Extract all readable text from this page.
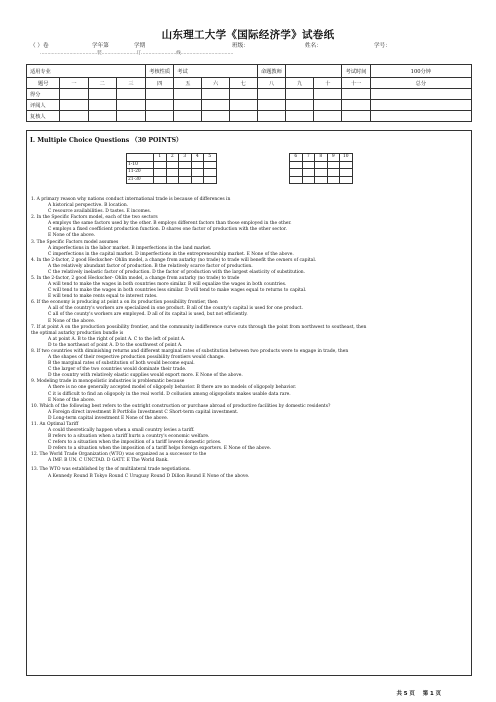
山东理工大学《国际经济学》试卷纸
（ ）卷	学年第	学期	班级：	姓名：	学号：
…………………………………装……………………订……………………线………………………………
适用专业				考核性质	考试			命题教师			考试时间	100分钟
题号	一	二	三	四	五	六	七	八	九	十	十一	总分
得分												
评阅人												
复核人												
I. Multiple Choice Questions （30 POINTS）
	1	2	3	4	5
1-10					
11-20					
21-30					
6	7	8	9	10

1. A primary reason why nations conduct international trade is because of differences in
A historical perspective. B location.
C resource availabilities. D tastes. E incomes.
2. In the Specific Factors model, each of the two sectors
A employs the same factors used by the other. B employs different factors than those employed in the other.
C employs a fixed coefficient production function. D shares one factor of production with the other sector.
E None of the above.
3. The Specific Factors model assumes
A imperfections in the labor market. B imperfections in the land market.
C imperfections in the capital market. D imperfections in the entrepreneurship market. E None of the above.
4. In the 2-factor, 2 good Heckscher- Ohlin model, a change from autarky (no trade) to trade will benefit the owners of capital.
A the relatively abundant factor of production. B the relatively scarce factor of production.
C the relatively inelastic factor of production. D the factor of production with the largest elasticity of substitution.
5. In the 2-factor, 2 good Heckscher- Ohlin model, a change from autarky (no trade) to trade
A will tend to make the wages in both countries more similar. B will equalize the wages in both countries.
C will tend to make the wages in both countries less similar. D will tend to make wages equal to returns to capital.
E will tend to make rents equal to interest rates.
6. If the economy is producing at point a on its production possibility frontier, then
A all of the country's workers are specialized in one product. B all of the county's capital is used for one product.
C all of the county's workers are employed. D all of its capital is used, but not efficiently.
E None of the above.
7. If at point A on the production possibility frontier, and the community indifference curve cuts through the point from northwest to southeast, then
the optimal autarky production bundle is
A at point A. B to the right of point A. C to the left of point A.
D to the northeast of point A. D to the southwest of point A.
8. If two countries with diminishing returns and different marginal rates of substitution between two products were to engage in trade, then
A the shapes of their respective production possibility frontiers would change.
B the marginal rates of substitution of both would become equal.
C the larger of the two countries would dominate their trade.
D the country with relatively elastic supplies would export more. E None of the above.
9. Modeling trade in monopolistic industries is problematic because
A there is no one generally accepted model of oligopoly behavior. B there are no models of oligopoly behavior.
C it is difficult to find an oligopoly in the real world. D collusion among oligopolists makes usable data rare.
E None of the above.
10. Which of the following best refers to the outright construction or purchase abroad of productive facilities by domestic residents?
A Foreign direct investment B Portfolio Investment C Short-term capital investment.
D Long-term capital investment E None of the above.
11. An Optimal Tariff
A could theoretically happen when a small country levies a tariff.
B refers to a situation when a tariff hurts a country's economic welfare.
C refers to a situation when the imposition of a tariff lowers domestic prices.
D refers to a situation when the imposition of a tariff helps foreign exporters. E None of the above.
12. The World Trade Organization (WTO) was organized as a successor to the
A IMF. B UN. C UNCTAD. D GATT. E The World Bank.
13. The WTO was established by the of multilateral trade negotiations.
A Kennedy Round B Tokyo Round C Uruguay Round D Dillon Round E None of the above.
共 5 页 第 1 页
